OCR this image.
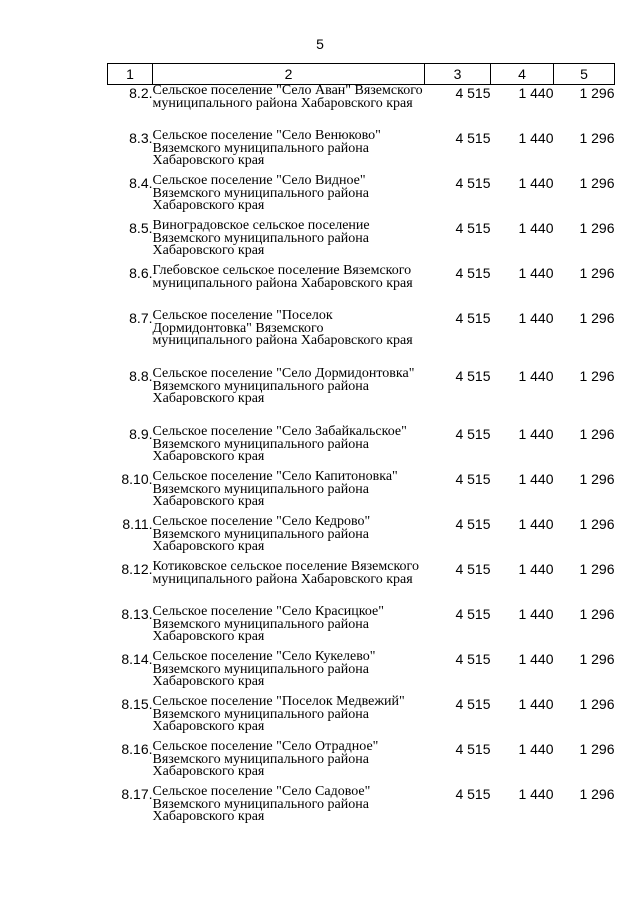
5
1	2	3	4	5
8.2.	Сельское поселение "Село Аван" Вяземского муниципального района Хабаровского края	4 515	1 440	1 296
8.3.	Сельское поселение "Село Венюково" Вяземского муниципального района Хабаровского края	4 515	1 440	1 296
8.4.	Сельское поселение "Село Видное" Вяземского муниципального района Хабаровского края	4 515	1 440	1 296
8.5.	Виноградовское сельское поселение Вяземского муниципального района Хабаровского края	4 515	1 440	1 296
8.6.	Глебовское сельское поселение Вяземского муниципального района Хабаровского края	4 515	1 440	1 296
8.7.	Сельское поселение "Поселок Дормидонтовка" Вяземского муниципального района Хабаровского края	4 515	1 440	1 296
8.8.	Сельское поселение "Село Дормидонтовка" Вяземского муниципального района Хабаровского края	4 515	1 440	1 296
8.9.	Сельское поселение "Село Забайкальское" Вяземского муниципального района Хабаровского края	4 515	1 440	1 296
8.10.	Сельское поселение "Село Капитоновка" Вяземского муниципального района Хабаровского края	4 515	1 440	1 296
8.11.	Сельское поселение "Село Кедрово" Вяземского муниципального района Хабаровского края	4 515	1 440	1 296
8.12.	Котиковское сельское поселение Вяземского муниципального района Хабаровского края	4 515	1 440	1 296
8.13.	Сельское поселение "Село Красицкое" Вяземского муниципального района Хабаровского края	4 515	1 440	1 296
8.14.	Сельское поселение "Село Кукелево" Вяземского муниципального района Хабаровского края	4 515	1 440	1 296
8.15.	Сельское поселение "Поселок Медвежий" Вяземского муниципального района Хабаровского края	4 515	1 440	1 296
8.16.	Сельское поселение "Село Отрадное" Вяземского муниципального района Хабаровского края	4 515	1 440	1 296
8.17.	Сельское поселение "Село Садовое" Вяземского муниципального района Хабаровского края	4 515	1 440	1 296
